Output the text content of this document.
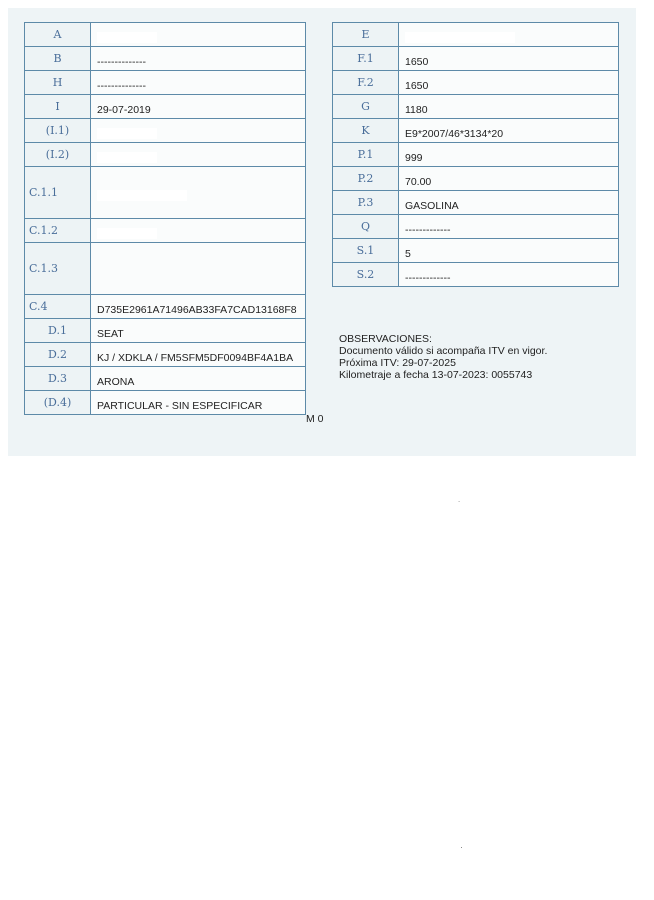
A	
B	--------------
H	--------------
I	29-07-2019
(I.1)	
(I.2)	
C.1.1	
C.1.2	
C.1.3	
C.4	D735E2961A71496AB33FA7CAD13168F8
D.1	SEAT
D.2	KJ / XDKLA / FM5SFM5DF0094BF4A1BA
D.3	ARONA
(D.4)	PARTICULAR - SIN ESPECIFICAR
E	
F.1	1650
F.2	1650
G	1180
K	E9*2007/46*3134*20
P.1	999
P.2	70.00
P.3	GASOLINA
Q	-------------
S.1	5
S.2	-------------
OBSERVACIONES:
Documento válido si acompaña ITV en vigor.
Próxima ITV: 29-07-2025
Kilometraje a fecha 13-07-2023: 0055743
M 0
˙
·
